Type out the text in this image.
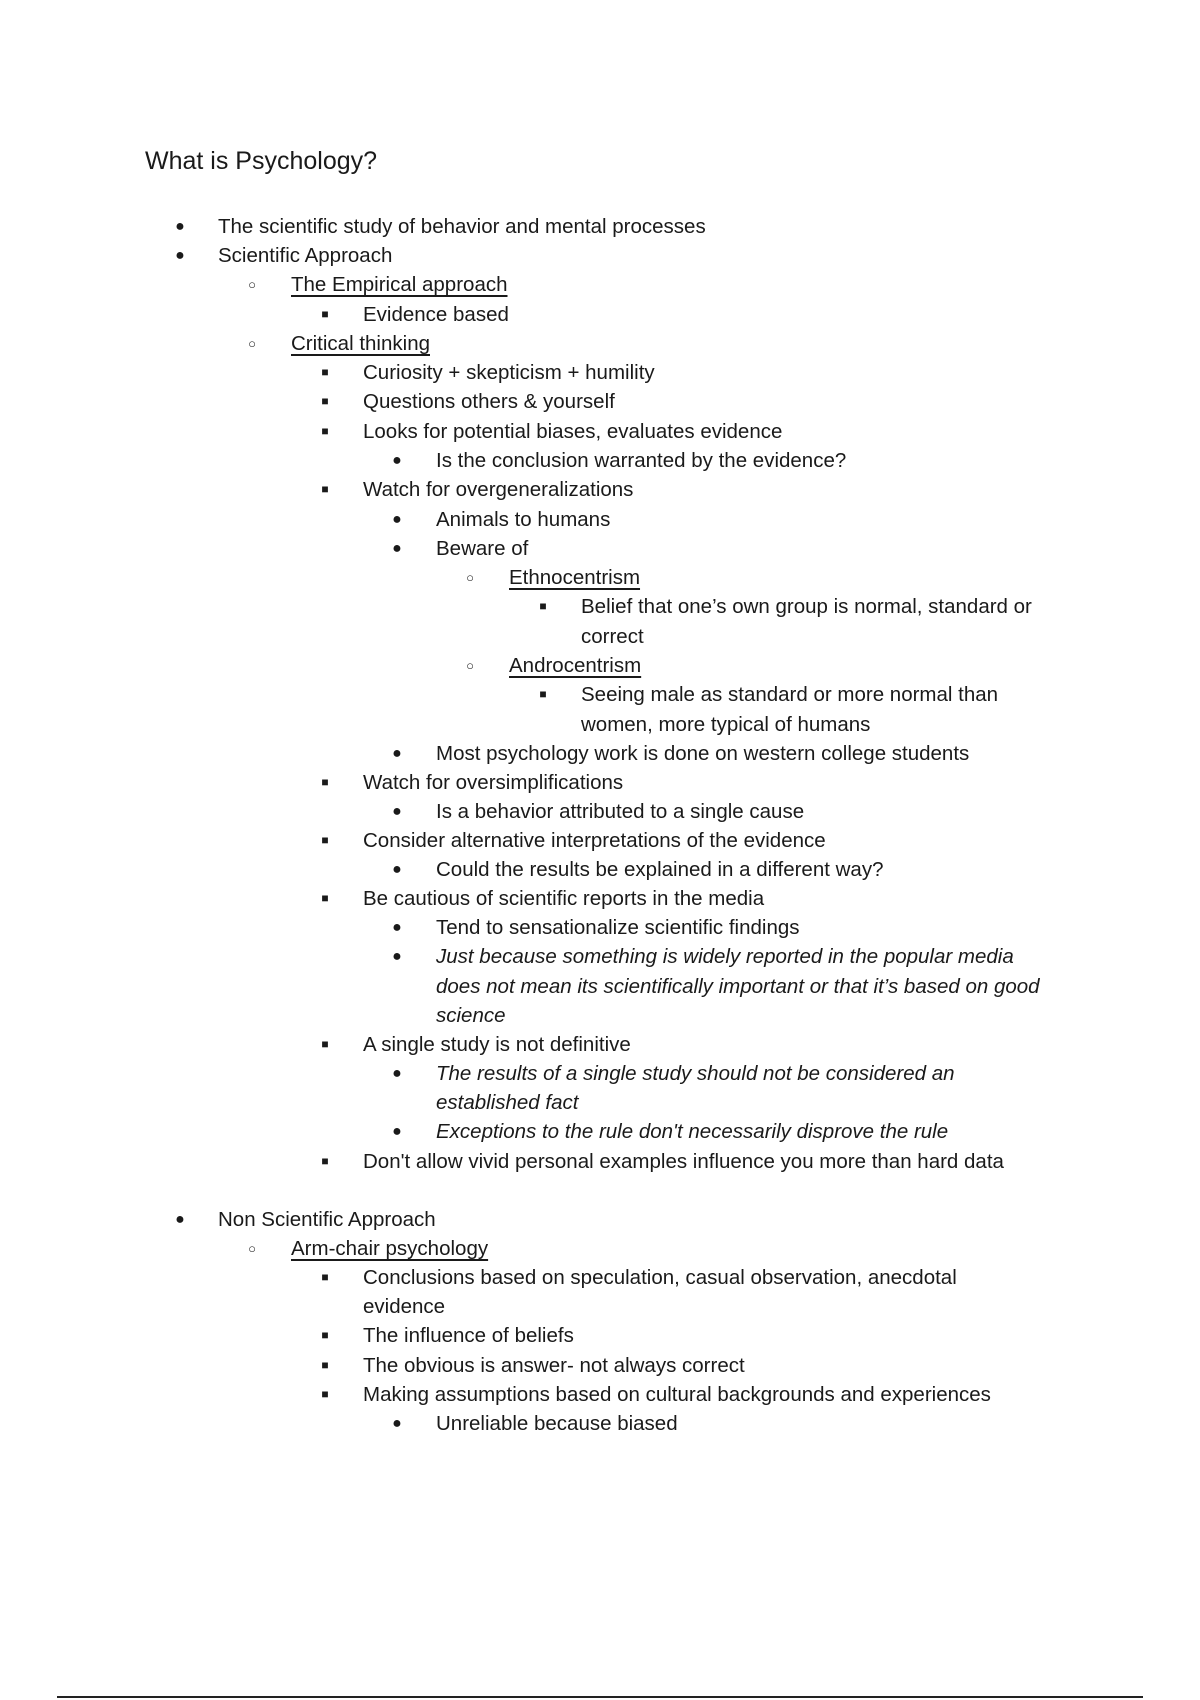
What is Psychology?
● The scientific study of behavior and mental processes
● Scientific Approach
○ The Empirical approach
■	Evidence based
○ Critical thinking
■	Curiosity + skepticism + humility
■	Questions others & yourself
■	Looks for potential biases, evaluates evidence
● Is the conclusion warranted by the evidence?
■	Watch for overgeneralizations
● Animals to humans
● Beware of
○ Ethnocentrism
■	Belief that one’s own group is normal, standard or
correct
○ Androcentrism
■	Seeing male as standard or more normal than
women, more typical of humans
● Most psychology work is done on western college students
■	Watch for oversimplifications
● Is a behavior attributed to a single cause
■	Consider alternative interpretations of the evidence
● Could the results be explained in a different way?
■	Be cautious of scientific reports in the media
● Tend to sensationalize scientific findings
● Just because something is widely reported in the popular media
does not mean its scientifically important or that it’s based on good
science
■	A single study is not definitive
● The results of a single study should not be considered an
established fact
● Exceptions to the rule don't necessarily disprove the rule
■	Don't allow vivid personal examples influence you more than hard data
● Non Scientific Approach
○ Arm-chair psychology
■	Conclusions based on speculation, casual observation, anecdotal
evidence
■	The influence of beliefs
■	The obvious is answer- not always correct
■	Making assumptions based on cultural backgrounds and experiences
● Unreliable because biased
